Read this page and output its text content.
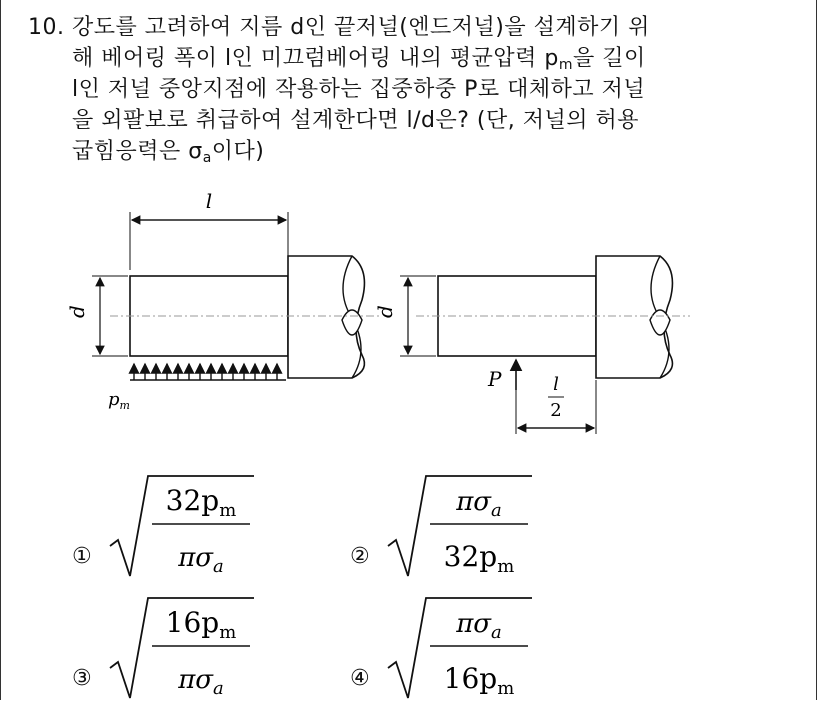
10. 강도를 고려하여 지름 d인 끝저널(엔드저널)을 설계하기 위
해 베어링 폭이 l인 미끄럼베어링 내의 평균압력 $p_m$을 길이
l인 저널 중앙지점에 작용하는 집중하중 P로 대체하고 저널
을 외팔보로 취급하여 설계한다면 l/d은? (단, 저널의 허용
굽힘응력은 $\sigma_a$이다)
l
d
$p_m$
d
P	l
2
①
$32p_m$
$\pi\sigma_a$	②
$\pi\sigma_a$
$32p_m$
③
$16p_m$
$\pi\sigma_a$	④
$\pi\sigma_a$
$16p_m$
